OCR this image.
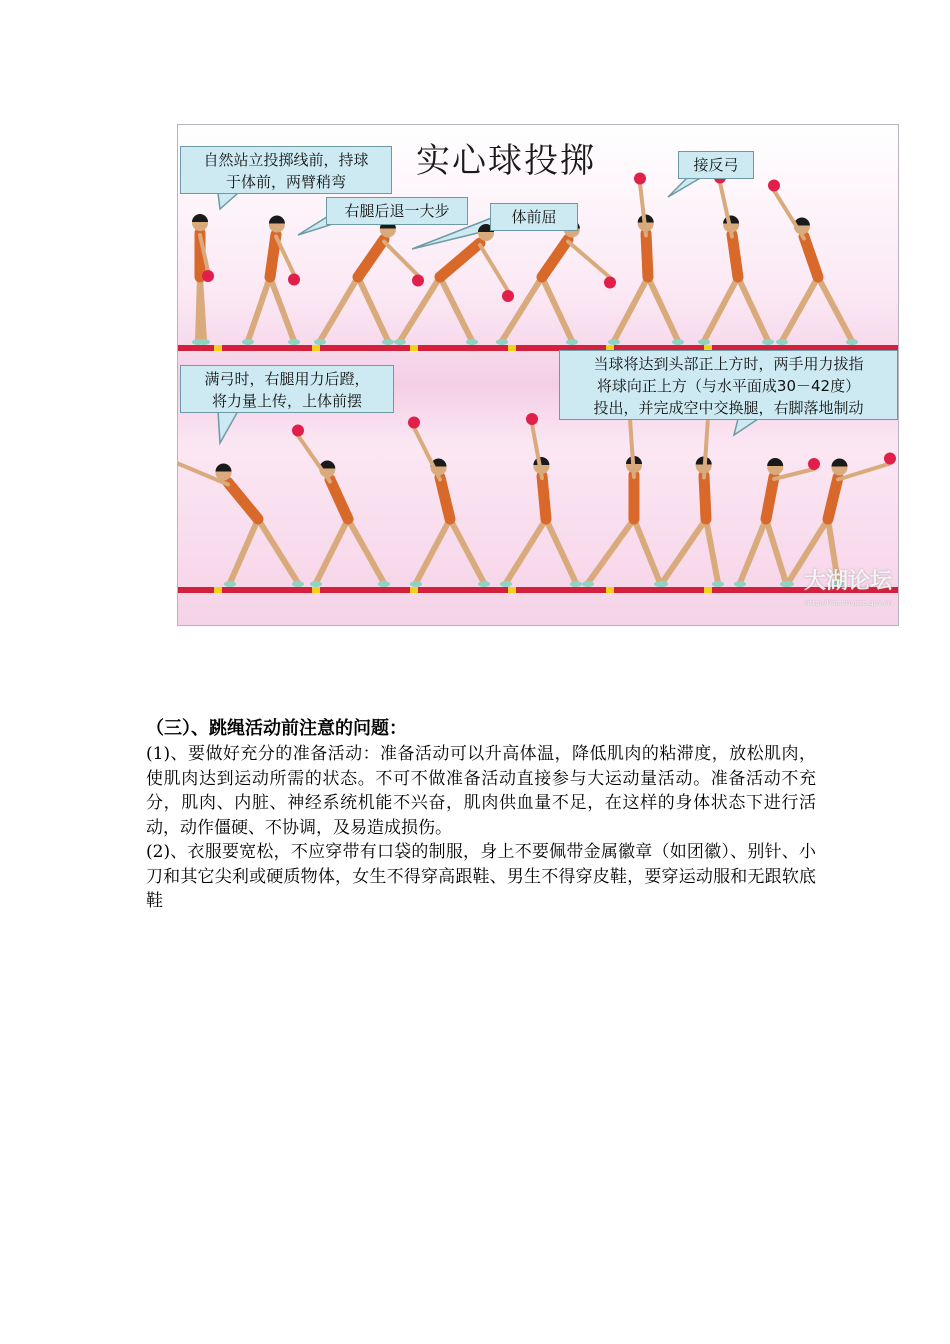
实心球投掷
自然站立投掷线前，持球
于体前，两臂稍弯
右腿后退一大步	体前屈
接反弓
满弓时，右腿用力后蹬，
将力量上传，上体前摆
当球将达到头部正上方时，两手用力拔指
将球向正上方（与水平面成30－42度）
投出，并完成空中交换腿，右脚落地制动
大湖论坛
http://bbs.hongze.gov.cn

（三）、跳绳活动前注意的问题：

(1)、要做好充分的准备活动：准备活动可以升高体温，降低肌肉的粘滞度，放松肌肉，使肌肉达到运动所需的状态。不可不做准备活动直接参与大运动量活动。准备活动不充分，肌肉、内脏、神经系统机能不兴奋，肌肉供血量不足，在这样的身体状态下进行活动，动作僵硬、不协调，及易造成损伤。

(2)、衣服要宽松，不应穿带有口袋的制服，身上不要佩带金属徽章（如团徽）、别针、小刀和其它尖利或硬质物体，女生不得穿高跟鞋、男生不得穿皮鞋，要穿运动服和无跟软底鞋
